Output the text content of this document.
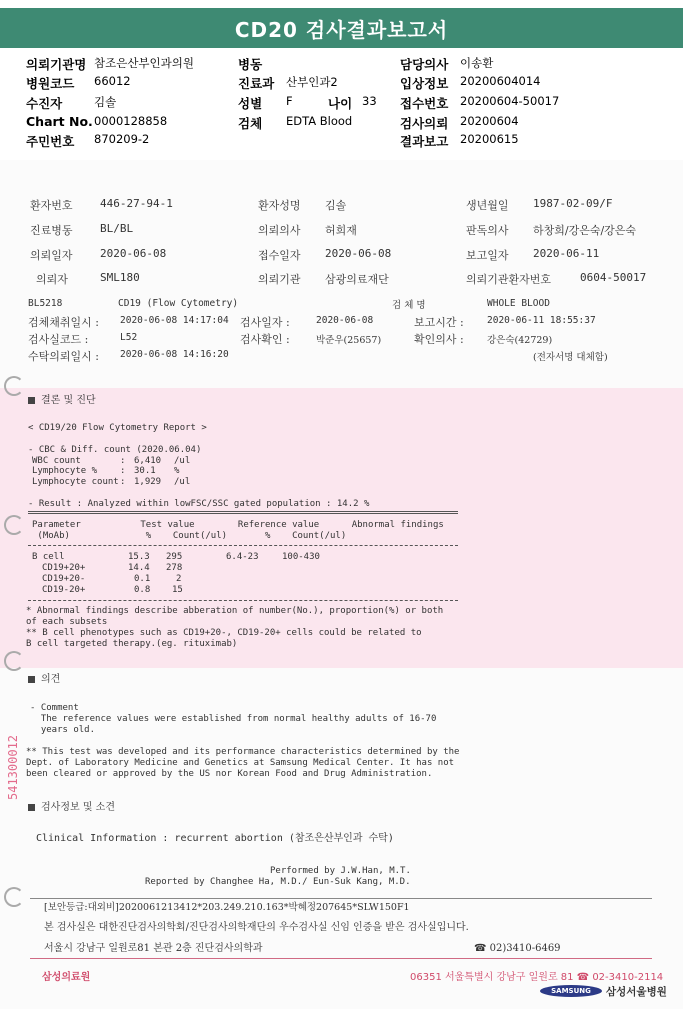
CD20 검사결과보고서
의뢰기관명 참조은산부인과의원
병원코드 66012
수진자	김솔
Chart No. 0000128858
주민번호 870209-2
병동
진료과 산부인과2
성별 F	나이 33
검체 EDTA Blood
담당의사 이송환
입상정보 20200604014
접수번호 20200604-50017
검사의뢰 20200604
결과보고 20200615
환자번호 446-27-94-1	환자성명 김솔	생년월일 1987-02-09/F
진료병동 BL/BL	의뢰의사 허희재	판독의사 하창희/강은숙/강은숙
의뢰일자 2020-06-08	접수일자 2020-06-08	보고일자 2020-06-11
의뢰자	SML180	의뢰기관 삼광의료재단	의뢰기관환자번호	0604-50017
BL5218	CD19 (Flow Cytometry)	검 체 명	WHOLE BLOOD
검체채취일시 : 2020-06-08 14:17:04 검사일자 :	2020-06-08	보고시간 : 2020-06-11 18:55:37
검사실코드 :	L52	검사확인 :	박준우(25657)	확인의사 : 강은숙(42729)
수탁의뢰일시 : 2020-06-08 14:16:20	(전자서명 대체함)
결론 및 진단
< CD19/20 Flow Cytometry Report >
- CBC & Diff. count (2020.06.04)
WBC count	: 6,410 /ul
Lymphocyte %	: 30.1 %
Lymphocyte count : 1,929 /ul
- Result : Analyzed within lowFSC/SSC gated population : 14.2 %
Parameter           Test value        Reference value      Abnormal findings
(MoAb)              %    Count(/ul)       %    Count(/ul)
B cell	15.3 295	6.4-23	100-430
CD19+20+	14.4 278
CD19+20-	0.1	2
CD19-20+	0.8 15
* Abnormal findings describe abberation of number(No.), proportion(%) or both
of each subsets
** B cell phenotypes such as CD19+20-, CD19-20+ cells could be related to
B cell targeted therapy.(eg. rituximab)
의견
- Comment
The reference values were established from normal healthy adults of 16-70
years old.
** This test was developed and its performance characteristics determined by the
Dept. of Laboratory Medicine and Genetics at Samsung Medical Center. It has not
been cleared or approved by the US nor Korean Food and Drug Administration.
검사정보 및 소견
Clinical Information : recurrent abortion (참조은산부인과 수탁)
Performed by J.W.Han, M.T.
Reported by Changhee Ha, M.D./ Eun-Suk Kang, M.D.
[보안등급:대외비]2020061213412*203.249.210.163*박혜정207645*SLW150F1
본 검사실은 대한진단검사의학회/진단검사의학재단의 우수검사실 신임 인증을 받은 검사실입니다.
서울시 강남구 일원로81 본관 2층 진단검사의학과	☎ 02)3410-6469
541300012
삼성의료원	06351 서울특별시 강남구 일원로 81 ☎ 02-3410-2114
SAMSUNG	삼성서울병원
